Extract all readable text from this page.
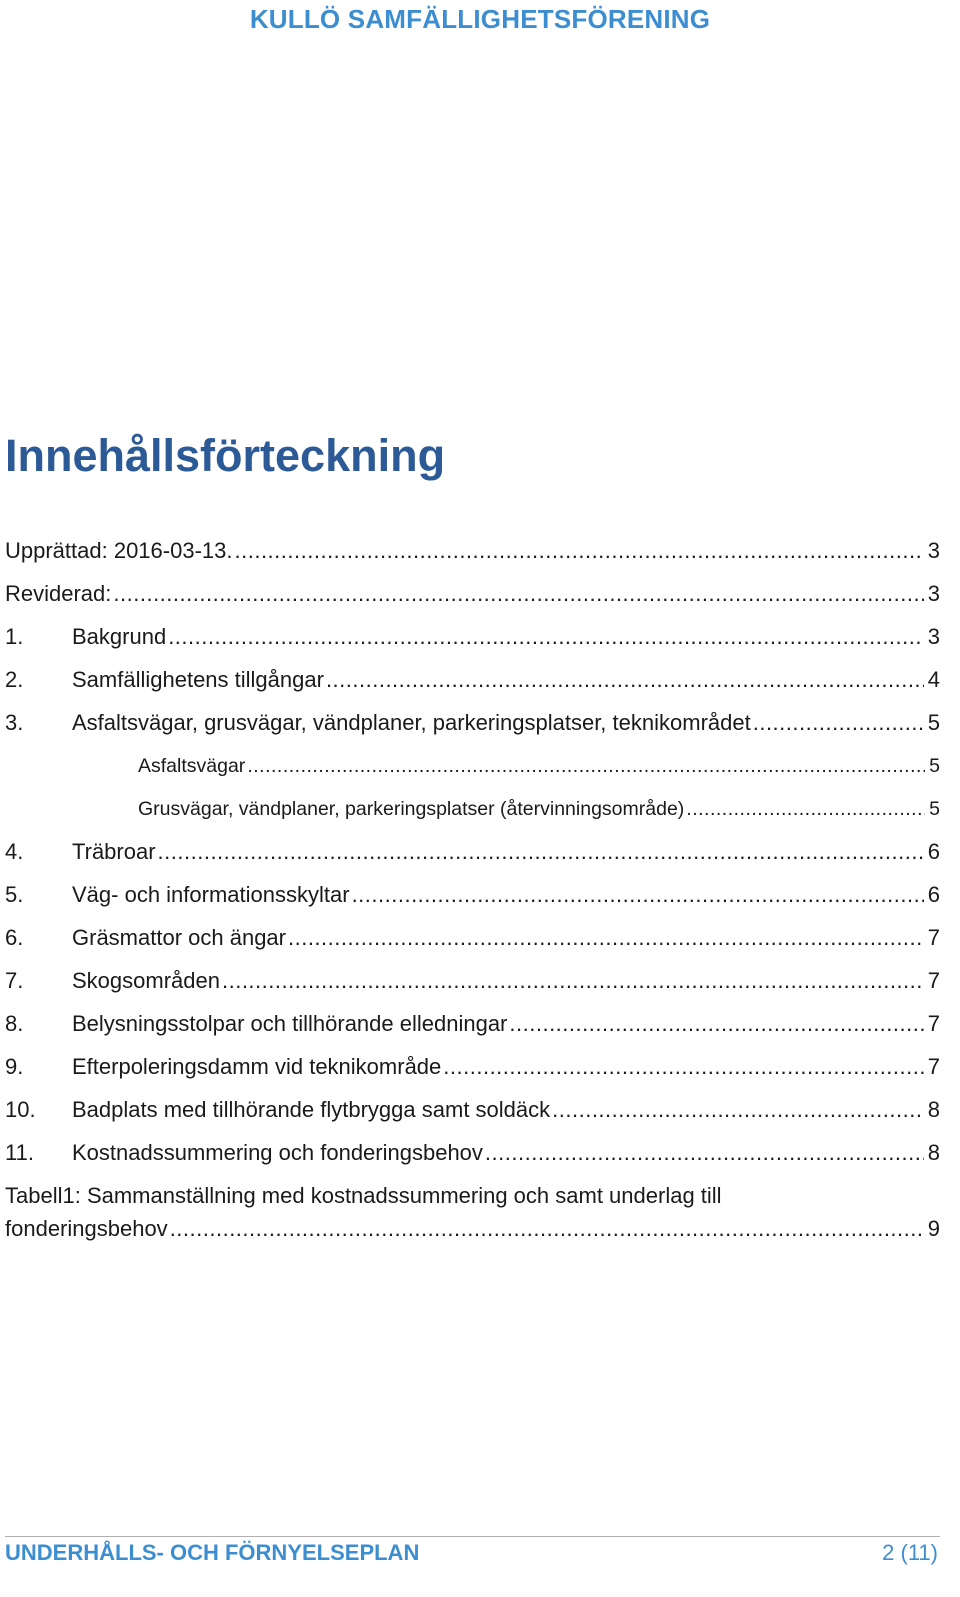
KULLÖ SAMFÄLLIGHETSFÖRENING
Innehållsförteckning
Upprättad: 2016-03-13. .....	3
Reviderad: .....	3
1.	Bakgrund .....	3
2.	Samfällighetens tillgångar .....	4
3.	Asfaltsvägar, grusvägar, vändplaner, parkeringsplatser, teknikområdet .....	5
Asfaltsvägar .....	5
Grusvägar, vändplaner, parkeringsplatser (återvinningsområde) .....	5
4.	Träbroar .....	6
5.	Väg- och informationsskyltar .....	6
6.	Gräsmattor och ängar .....	7
7.	Skogsområden .....	7
8.	Belysningsstolpar och tillhörande elledningar .....	7
9.	Efterpoleringsdamm vid teknikområde .....	7
10.	Badplats med tillhörande flytbrygga samt soldäck .....	8
11.	Kostnadssummering och fonderingsbehov .....	8
Tabell1: Sammanställning med kostnadssummering och samt underlag till
fonderingsbehov .....	9
UNDERHÅLLS- OCH FÖRNYELSEPLAN	2 (11)
